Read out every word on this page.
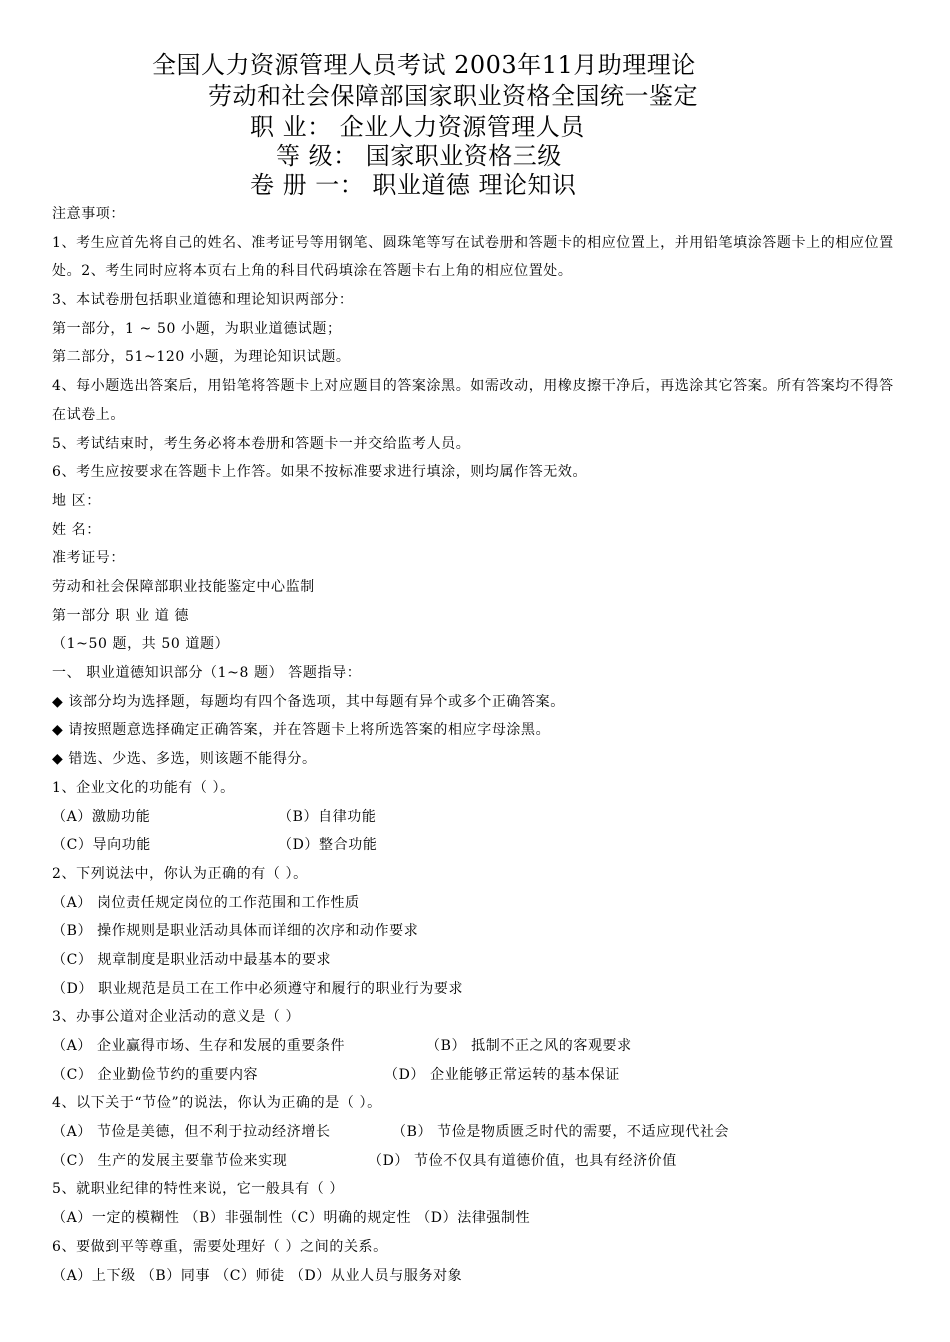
全国人力资源管理人员考试 2003年11月助理理论
劳动和社会保障部国家职业资格全国统一鉴定
职 业： 企业人力资源管理人员
等 级： 国家职业资格三级
卷 册 一： 职业道德 理论知识
注意事项：
1、考生应首先将自己的姓名、准考证号等用钢笔、圆珠笔等写在试卷册和答题卡的相应位置上，并用铅笔填涂答题卡上的相应位置处。2、考生同时应将本页右上角的科目代码填涂在答题卡右上角的相应位置处。
3、本试卷册包括职业道德和理论知识两部分：
第一部分，1 ~ 50 小题，为职业道德试题；
第二部分，51~120 小题，为理论知识试题。
4、每小题选出答案后，用铅笔将答题卡上对应题目的答案涂黑。如需改动，用橡皮擦干净后，再选涂其它答案。所有答案均不得答在试卷上。
5、考试结束时，考生务必将本卷册和答题卡一并交给监考人员。
6、考生应按要求在答题卡上作答。如果不按标准要求进行填涂，则均属作答无效。
地 区：
姓 名：
准考证号：
劳动和社会保障部职业技能鉴定中心监制
第一部分 职 业 道 德
（1~50 题，共 50 道题）
一、 职业道德知识部分（1~8 题） 答题指导：
◆ 该部分均为选择题，每题均有四个备选项，其中每题有异个或多个正确答案。
◆ 请按照题意选择确定正确答案，并在答题卡上将所选答案的相应字母涂黑。
◆ 错选、少选、多选，则该题不能得分。
1、企业文化的功能有（ ）。
（A）激励功能	（B）自律功能
（C）导向功能	（D）整合功能
2、下列说法中，你认为正确的有（ ）。
（A） 岗位责任规定岗位的工作范围和工作性质
（B） 操作规则是职业活动具体而详细的次序和动作要求
（C） 规章制度是职业活动中最基本的要求
（D） 职业规范是员工在工作中必须遵守和履行的职业行为要求
3、办事公道对企业活动的意义是（ ）
（A） 企业赢得市场、生存和发展的重要条件	（B） 抵制不正之风的客观要求
（C） 企业勤俭节约的重要内容	（D） 企业能够正常运转的基本保证
4、以下关于“节俭”的说法，你认为正确的是（ ）。
（A） 节俭是美德，但不利于拉动经济增长	（B） 节俭是物质匮乏时代的需要，不适应现代社会
（C） 生产的发展主要靠节俭来实现	（D） 节俭不仅具有道德价值，也具有经济价值
5、就职业纪律的特性来说，它一般具有（ ）
（A）一定的模糊性 （B）非强制性（C）明确的规定性 （D）法律强制性
6、要做到平等尊重，需要处理好（ ）之间的关系。
（A）上下级 （B）同事 （C）师徒 （D）从业人员与服务对象
